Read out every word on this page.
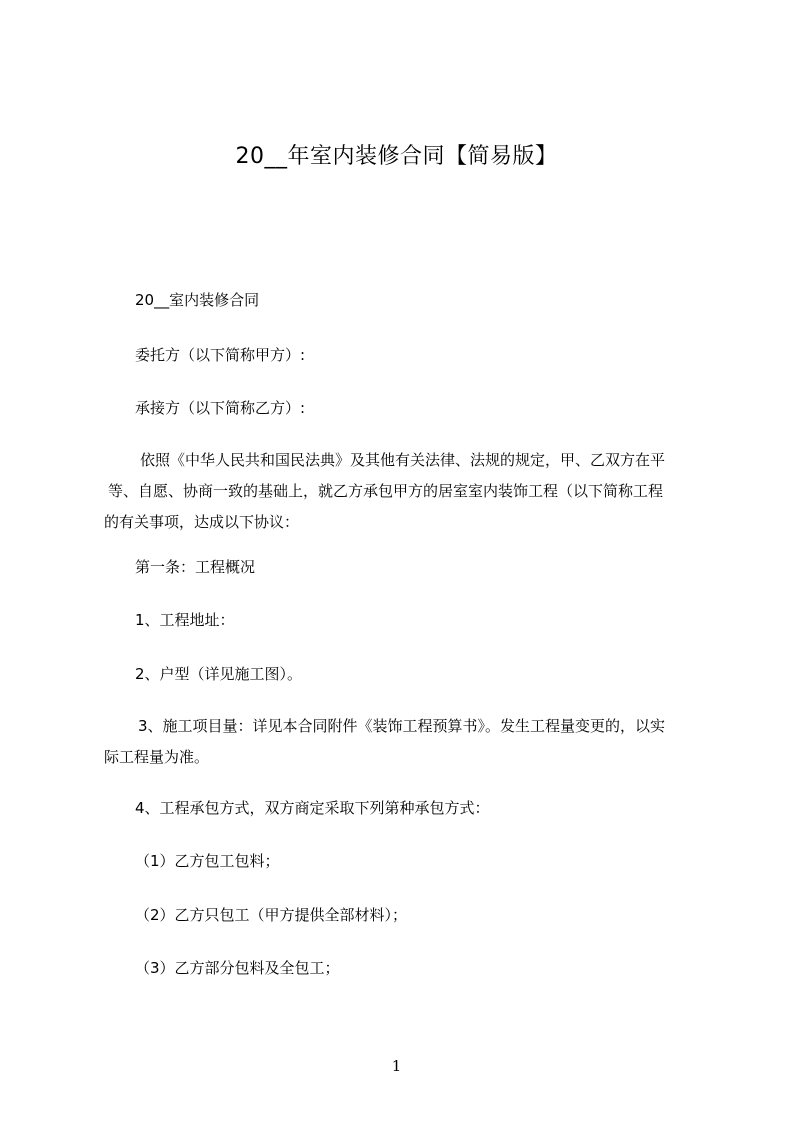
20__年室内装修合同【简易版】
20__室内装修合同
委托方（以下简称甲方）:
承接方（以下简称乙方）:
依照《中华人民共和国民法典》及其他有关法律、法规的规定，甲、乙双方在平
等、自愿、协商一致的基础上，就乙方承包甲方的居室室内装饰工程（以下简称工程
的有关事项，达成以下协议：
第一条：工程概况
1、工程地址：
2、户型（详见施工图）。
3、施工项目量：详见本合同附件《装饰工程预算书》。发生工程量变更的，以实
际工程量为准。
4、工程承包方式，双方商定采取下列第种承包方式：
（1）乙方包工包料；
（2）乙方只包工（甲方提供全部材料）；
（3）乙方部分包料及全包工；
1
